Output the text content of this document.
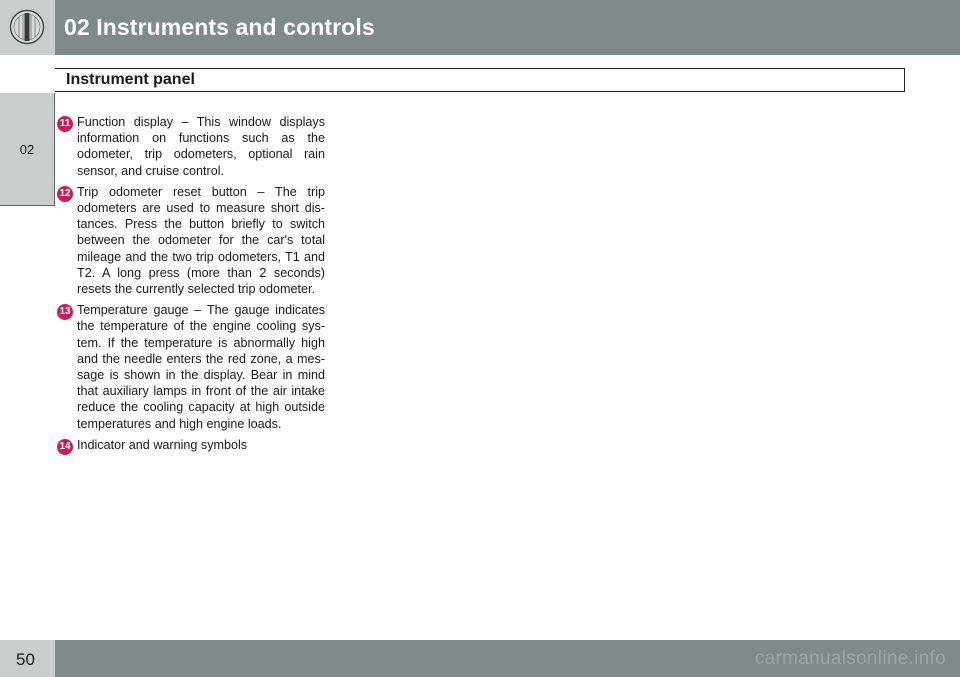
02 Instruments and controls
02
Instrument panel
11 Function display – This window displays information on functions such as the odometer, trip odometers, optional rain sensor, and cruise control.
12 Trip odometer reset button – The trip odometers are used to measure short dis-tances. Press the button briefly to switch between the odometer for the car's total mileage and the two trip odometers, T1 and T2. A long press (more than 2 seconds) resets the currently selected trip odometer.
13 Temperature gauge – The gauge indicates the temperature of the engine cooling sys-tem. If the temperature is abnormally high and the needle enters the red zone, a mes-sage is shown in the display. Bear in mind that auxiliary lamps in front of the air intake reduce the cooling capacity at high outside temperatures and high engine loads.
14 Indicator and warning symbols
50	carmanualsonline.info
